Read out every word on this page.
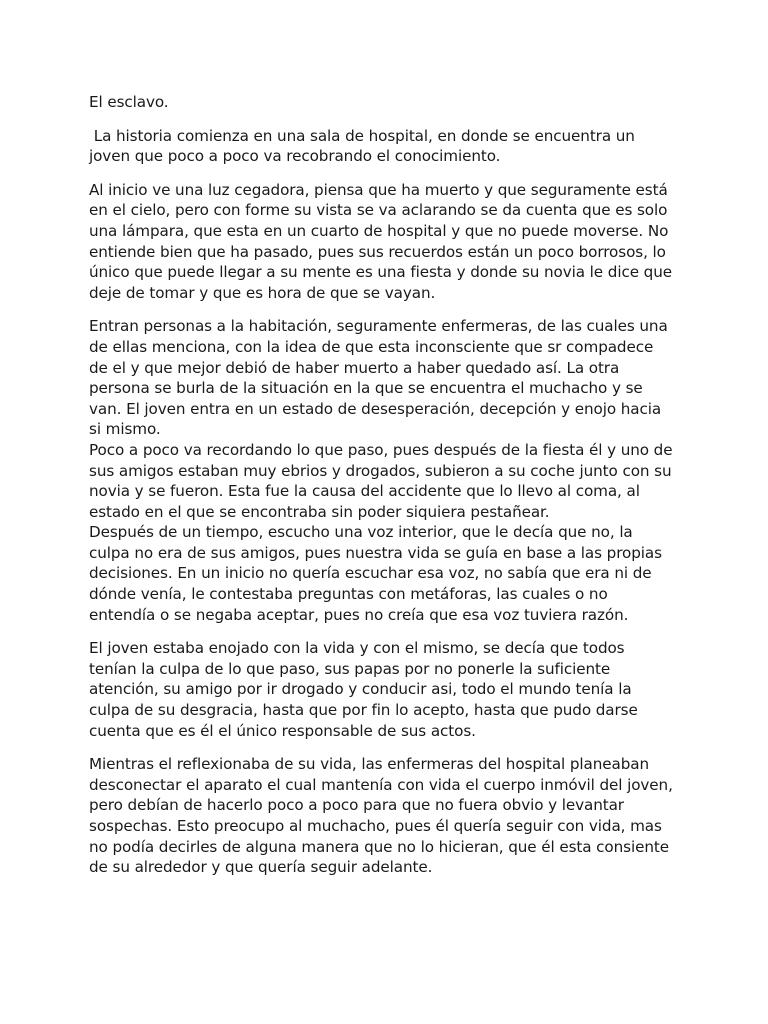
El esclavo.

La historia comienza en una sala de hospital, en donde se encuentra un
joven que poco a poco va recobrando el conocimiento.

Al inicio ve una luz cegadora, piensa que ha muerto y que seguramente está
en el cielo, pero con forme su vista se va aclarando se da cuenta que es solo
una lámpara, que esta en un cuarto de hospital y que no puede moverse. No
entiende bien que ha pasado, pues sus recuerdos están un poco borrosos, lo
único que puede llegar a su mente es una fiesta y donde su novia le dice que
deje de tomar y que es hora de que se vayan.

Entran personas a la habitación, seguramente enfermeras, de las cuales una
de ellas menciona, con la idea de que esta inconsciente que sr compadece
de el y que mejor debió de haber muerto a haber quedado así. La otra
persona se burla de la situación en la que se encuentra el muchacho y se
van. El joven entra en un estado de desesperación, decepción y enojo hacia
si mismo.

Poco a poco va recordando lo que paso, pues después de la fiesta él y uno de
sus amigos estaban muy ebrios y drogados, subieron a su coche junto con su
novia y se fueron. Esta fue la causa del accidente que lo llevo al coma, al
estado en el que se encontraba sin poder siquiera pestañear.

Después de un tiempo, escucho una voz interior, que le decía que no, la
culpa no era de sus amigos, pues nuestra vida se guía en base a las propias
decisiones. En un inicio no quería escuchar esa voz, no sabía que era ni de
dónde venía, le contestaba preguntas con metáforas, las cuales o no
entendía o se negaba aceptar, pues no creía que esa voz tuviera razón.

El joven estaba enojado con la vida y con el mismo, se decía que todos
tenían la culpa de lo que paso, sus papas por no ponerle la suficiente
atención, su amigo por ir drogado y conducir asi, todo el mundo tenía la
culpa de su desgracia, hasta que por fin lo acepto, hasta que pudo darse
cuenta que es él el único responsable de sus actos.

Mientras el reflexionaba de su vida, las enfermeras del hospital planeaban
desconectar el aparato el cual mantenía con vida el cuerpo inmóvil del joven,
pero debían de hacerlo poco a poco para que no fuera obvio y levantar
sospechas. Esto preocupo al muchacho, pues él quería seguir con vida, mas
no podía decirles de alguna manera que no lo hicieran, que él esta consiente
de su alrededor y que quería seguir adelante.
